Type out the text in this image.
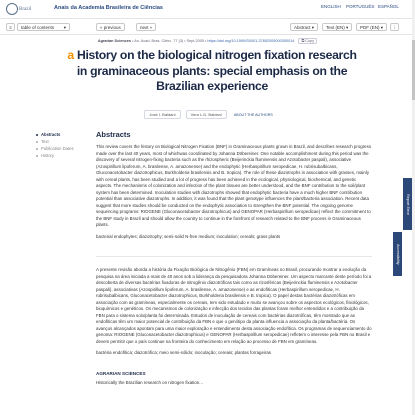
Brazil	Anais da Academia Brasileira de Ciências	ENGLISH PORTUGUÊS ESPAÑOL
≡	table of contents ▾	« previous	next »	Abstract ▾	Text (EN) ▾	PDF (EN) ▾	⋮
Agrarian Sciences • An. Acad. Bras. Ciênc. 77 (3) • Sept 2005 • https://doi.org/10.1590/S0001-37652005000300014 ⧉ Copy
a History on the biological nitrogen fixation research in graminaceous plants: special emphasis on the Brazilian experience
José I. Baldani	Vera L.D. Baldani	ABOUT THE AUTHORS
Abstracts
Text
Publication Dates
History
Abstracts
This review covers the history on Biological Nitrogen Fixation (BNF) in Graminaceous plants grown in Brazil, and describes research progress made over the last 40 years, most of whichwas coordinated by Johanna Döbereiner. One notable accomplishment during this period was the discovery of several nitrogen-fixing bacteria such as the rhizospheric (Beijerinckia fluminensis and Azotobacter paspali), associative (Azospirillum lipoferum, A. brasilense, A. amazonense) and the endophytic (Herbaspirillum seropedicae, H. rubrisubalbicans, Gluconacetobacter diazotrophicus, Burkholderia brasilensis and B. tropica). The role of these diazotrophs in association with grasses, mainly with cereal plants, has been studied and a lot of progress has been achieved in the ecological, physiological, biochemical, and genetic aspects. The mechanisms of colonization and infection of the plant tissues are better understood, and the BNF contribution to the soil/plant system has been determined. Inoculation studies with diazotrophs showed that endophytic bacteria have a much higher BNF contribution potential than associative diazotrophs. In addition, it was found that the plant genotype influences the plant/bacteria association. Recent data suggest that more studies should be conducted on the endophytic association to strengthen the BNF potential. The ongoing genome sequencing programs: RIOGENE (Gluconacetobacter diazotrophicus) and GENOPAR (Herbaspirillum seropedicae) reflect the commitment to the BNF study in Brazil and should allow the country to continue in the forefront of research related to the BNF process in Graminaceous plants.
bacterial endophytes; diazotrophy; semi-solid N-free medium; inoculation; cereals; grass plants
A presente revisão aborda a história da Fixação Biológica de Nitrogênio (FBN) em Gramíneas no Brasil, procurando mostrar a evolução da pesquisa na área iniciada a mais de 40 anos sob a liderança da pesquisadora Johanna Döbereiner. Um aspecto marcante deste período foi a descoberta de diversas bactérias fixadoras de nitrogênio diazotróficas tais como as rizosféricas (Beijerinckia fluminensis e Azotobacter paspali), associativas (Azospirillum lipoferum, A. brasilense, A. amazonense) e as endofíticas (Herbaspirillum seropedicae, H. rubrisubalbicans, Gluconacetobacter diazotrophicus, Burkholderia brasilensis e B. tropica). O papel destas bactérias diazotróficas em associação com as gramíneas, especialmente os cereais, tem sido estudado e muito se avançou sobre os aspectos ecológicos, fisiológicos, bioquímicos e genéticos. Os mecanismos de colonização e infecção dos tecidos das plantas foram melhor entendidos e a contribuição da FBN para o sistema solo/planta foi determinada. Estudos de inoculação de cereais com bactérias diazotróficas, têm mostrado que as endofíticas têm um maior potencial de contribuição da FBN e que o genótipo da planta influencia a associação da planta/bactéria. Os avanços alcançados apontam para uma maior exploração e entendimento desta associação endofítica. Os programas de sequenciamento do genoma: RIOGENE (Gluconacetobacter diazotrophicus) e GENOPAR (Herbaspirillum seropedicae) refletem o interesse pela FBN no Brasil e devem permitir que o país continue na fronteira do conhecimento em relação ao processo de FBN em gramíneas.
bactéria endofítica; diazotrófica; meio semi-sólido; inoculação; cereais; plantas forrageiras
AGRARIAN SCIENCES
Historically the Brazilian research on nitrogen fixation...
Report Error
Accessibility
